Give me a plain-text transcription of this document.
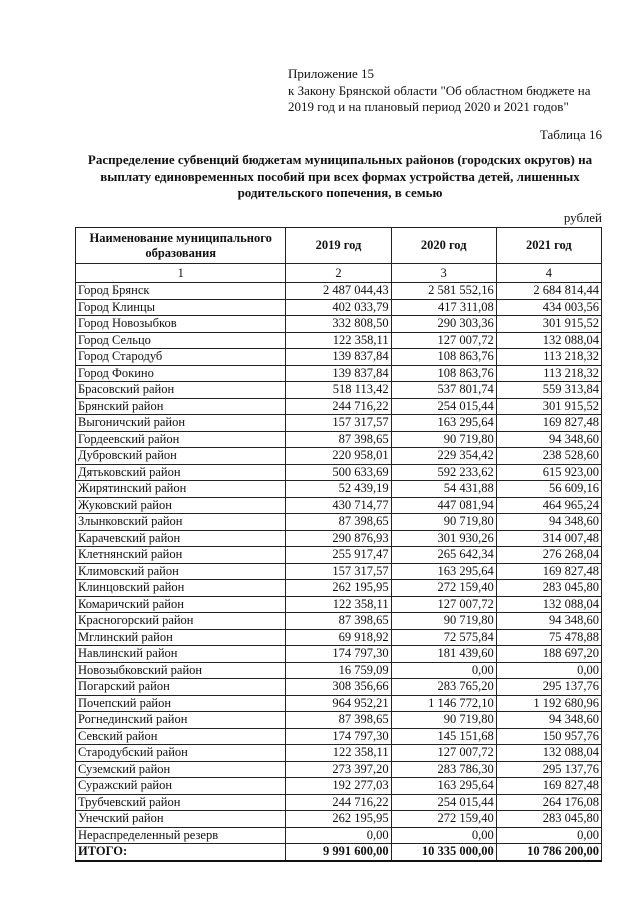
Приложение 15
к Закону Брянской области "Об областном бюджете на
2019 год и на плановый период 2020 и 2021 годов"
Таблица 16
Распределение субвенций бюджетам муниципальных районов (городских округов) на
выплату единовременных пособий при всех формах устройства детей, лишенных
родительского попечения, в семью
рублей
Наименование муниципального образования	2019 год	2020 год	2021 год
1	2	3	4
Город Брянск	2 487 044,43	2 581 552,16	2 684 814,44
Город Клинцы	402 033,79	417 311,08	434 003,56
Город Новозыбков	332 808,50	290 303,36	301 915,52
Город Сельцо	122 358,11	127 007,72	132 088,04
Город Стародуб	139 837,84	108 863,76	113 218,32
Город Фокино	139 837,84	108 863,76	113 218,32
Брасовский район	518 113,42	537 801,74	559 313,84
Брянский район	244 716,22	254 015,44	301 915,52
Выгоничский район	157 317,57	163 295,64	169 827,48
Гордеевский район	87 398,65	90 719,80	94 348,60
Дубровский район	220 958,01	229 354,42	238 528,60
Дятьковский район	500 633,69	592 233,62	615 923,00
Жирятинский район	52 439,19	54 431,88	56 609,16
Жуковский район	430 714,77	447 081,94	464 965,24
Злынковский район	87 398,65	90 719,80	94 348,60
Карачевский район	290 876,93	301 930,26	314 007,48
Клетнянский район	255 917,47	265 642,34	276 268,04
Климовский район	157 317,57	163 295,64	169 827,48
Клинцовский район	262 195,95	272 159,40	283 045,80
Комаричский район	122 358,11	127 007,72	132 088,04
Красногорский район	87 398,65	90 719,80	94 348,60
Мглинский район	69 918,92	72 575,84	75 478,88
Навлинский район	174 797,30	181 439,60	188 697,20
Новозыбковский район	16 759,09	0,00	0,00
Погарский район	308 356,66	283 765,20	295 137,76
Почепский район	964 952,21	1 146 772,10	1 192 680,96
Рогнединский район	87 398,65	90 719,80	94 348,60
Севский район	174 797,30	145 151,68	150 957,76
Стародубский район	122 358,11	127 007,72	132 088,04
Суземский район	273 397,20	283 786,30	295 137,76
Суражский район	192 277,03	163 295,64	169 827,48
Трубчевский район	244 716,22	254 015,44	264 176,08
Унечский район	262 195,95	272 159,40	283 045,80
Нераспределенный резерв	0,00	0,00	0,00
ИТОГО:	9 991 600,00	10 335 000,00	10 786 200,00
